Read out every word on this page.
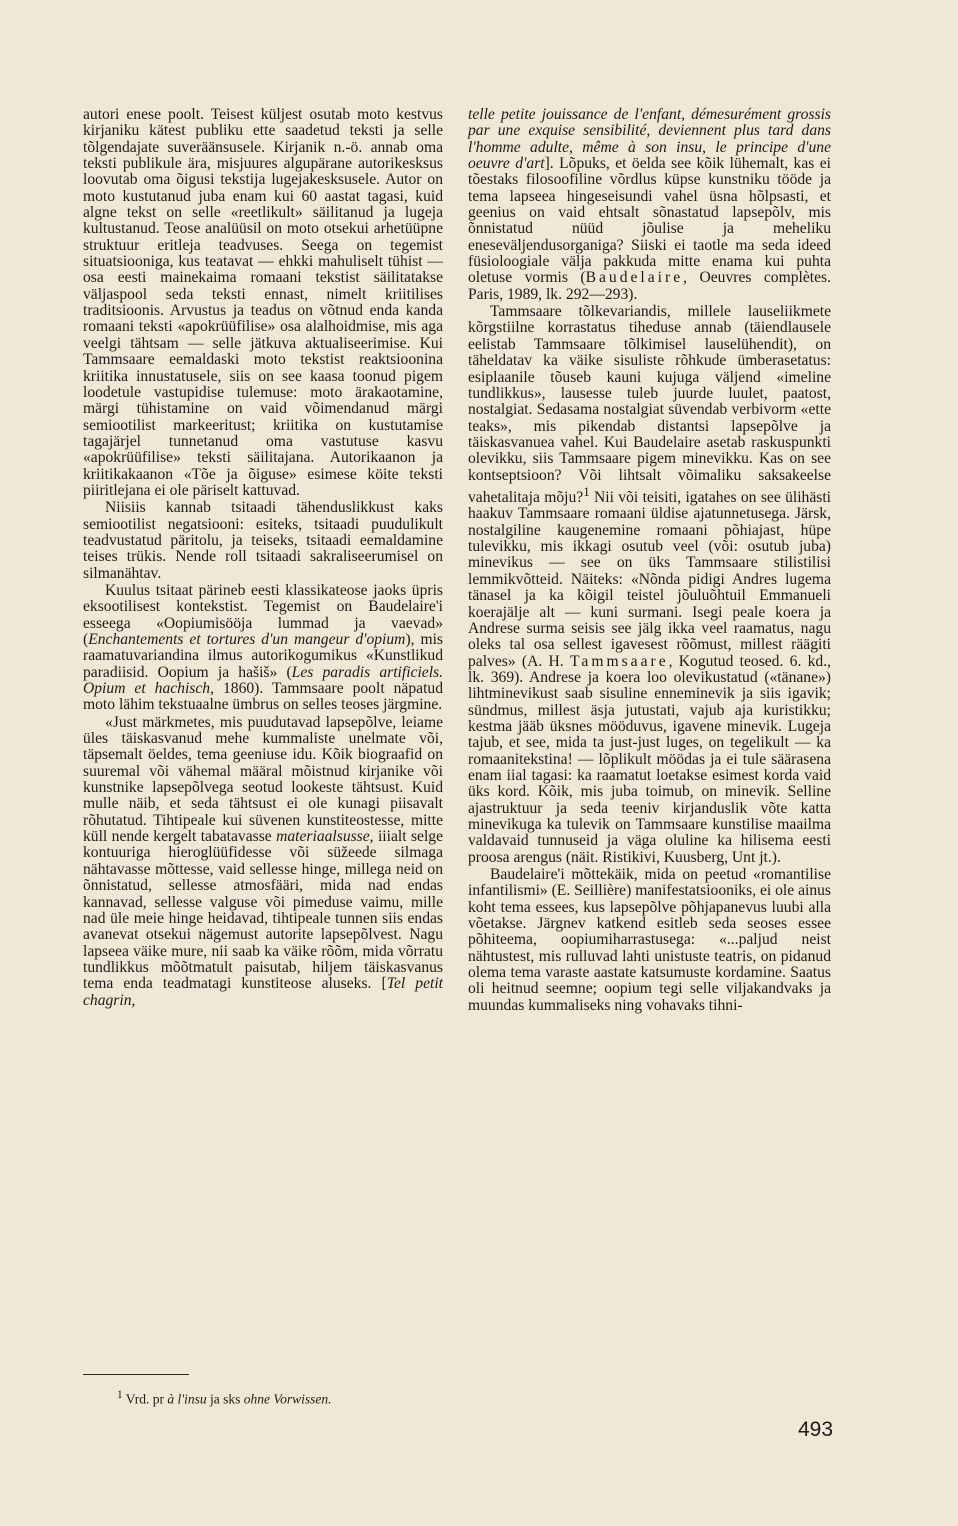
autori enese poolt. Teisest küljest osutab moto kestvus kirjaniku kätest publiku ette saadetud teksti ja selle tõlgendajate suveräänsusele. Kirjanik n.-ö. annab oma teksti publikule ära, misjuures algupärane autorikesksus loovutab oma õigusi tekstija lugejakesksusele. Autor on moto kustutanud juba enam kui 60 aastat tagasi, kuid algne tekst on selle «reetlikult» säilitanud ja lugeja kultustanud. Teose analüüsil on moto otsekui arhetüüpne struktuur eritleja teadvuses. Seega on tegemist situatsiooniga, kus teatavat — ehkki mahuliselt tühist — osa eesti mainekaima romaani tekstist säilitatakse väljaspool seda teksti ennast, nimelt kriitilises traditsioonis. Arvustus ja teadus on võtnud enda kanda romaani teksti «apokrüüfilise» osa alalhoidmise, mis aga veelgi tähtsam — selle jätkuva aktualiseerimise. Kui Tammsaare eemaldaski moto tekstist reaktsioonina kriitika innustatusele, siis on see kaasa toonud pigem loodetule vastupidise tulemuse: moto ärakaotamine, märgi tühistamine on vaid võimendanud märgi semiootilist markeeritust; kriitika on kustutamise tagajärjel tunnetanud oma vastutuse kasvu «apokrüüfilise» teksti säilitajana. Autorikaanon ja kriitikakaanon «Tõe ja õiguse» esimese köite teksti piiritlejana ei ole päriselt kattuvad.

Niisiis kannab tsitaadi tähenduslikkust kaks semiootilist negatsiooni: esiteks, tsitaadi puudulikult teadvustatud päritolu, ja teiseks, tsitaadi eemaldamine teises trükis. Nende roll tsitaadi sakraliseerumisel on silmanähtav.

Kuulus tsitaat pärineb eesti klassikateose jaoks üpris eksootilisest kontekstist. Tegemist on Baudelaire'i esseega «Oopiumisööja lummad ja vaevad» (Enchantements et tortures d'un mangeur d'opium), mis raamatuvariandina ilmus autorikogumikus «Kunstlikud paradiisid. Oopium ja hašiš» (Les paradis artificiels. Opium et hachisch, 1860). Tammsaare poolt näpatud moto lähim tekstuaalne ümbrus on selles teoses järgmine.

«Just märkmetes, mis puudutavad lapsepõlve, leiame üles täiskasvanud mehe kummaliste unelmate või, täpsemalt öeldes, tema geeniuse idu. Kõik biograafid on suuremal või vähemal määral mõistnud kirjanike või kunstnike lapsepõlvega seotud lookeste tähtsust. Kuid mulle näib, et seda tähtsust ei ole kunagi piisavalt rõhutatud. Tihtipeale kui süvenen kunstiteostesse, mitte küll nende kergelt tabatavasse materiaalsusse, iiialt selge kontuuriga hieroglüüfidesse või süžeede silmaga nähtavasse mõttesse, vaid sellesse hinge, millega neid on õnnistatud, sellesse atmosfääri, mida nad endas kannavad, sellesse valguse või pimeduse vaimu, mille nad üle meie hinge heidavad, tihtipeale tunnen siis endas avanevat otsekui nägemust autorite lapsepõlvest. Nagu lapseea väike mure, nii saab ka väike rõõm, mida võrratu tundlikkus mõõtmatult paisutab, hiljem täiskasvanus tema enda teadmatagi kunstiteose aluseks. [Tel petit chagrin,

telle petite jouissance de l'enfant, démesurément grossis par une exquise sensibilité, deviennent plus tard dans l'homme adulte, même à son insu, le principe d'une oeuvre d'art]. Lõpuks, et öelda see kõik lühemalt, kas ei tõestaks filosoofiline võrdlus küpse kunstniku tööde ja tema lapseea hingeseisundi vahel üsna hõlpsasti, et geenius on vaid ehtsalt sõnastatud lapsepõlv, mis õnnistatud nüüd jõulise ja meheliku eneseväljendusorganiga? Siiski ei taotle ma seda ideed füsioloogiale välja pakkuda mitte enama kui puhta oletuse vormis (Baudelaire, Oeuvres complètes. Paris, 1989, lk. 292—293).

Tammsaare tõlkevariandis, millele lauseliikmete kõrgstiilne korrastatus tiheduse annab (täiendlausele eelistab Tammsaare tõlkimisel lauselühendit), on täheldatav ka väike sisuliste rõhkude ümberasetatus: esiplaanile tõuseb kauni kujuga väljend «imeline tundlikkus», lausesse tuleb juurde luulet, paatost, nostalgiat. Sedasama nostalgiat süvendab verbivorm «ette teaks», mis pikendab distantsi lapsepõlve ja täiskasvanuea vahel. Kui Baudelaire asetab raskuspunkti olevikku, siis Tammsaare pigem minevikku. Kas on see kontseptsioon? Või lihtsalt võimaliku saksakeelse vahetalitaja mõju?$^1$ Nii või teisiti, igatahes on see ülihästi haakuv Tammsaare romaani üldise ajatunnetusega. Järsk, nostalgiline kaugenemine romaani põhiajast, hüpe tulevikku, mis ikkagi osutub veel (või: osutub juba) minevikus — see on üks Tammsaare stilistilisi lemmikvõtteid. Näiteks: «Nõnda pidigi Andres lugema tänasel ja ka kõigil teistel jõuluõhtuil Emmanueli koerajälje alt — kuni surmani. Isegi peale koera ja Andrese surma seisis see jälg ikka veel raamatus, nagu oleks tal osa sellest igavesest rõõmust, millest räägiti palves» (A. H. Tammsaare, Kogutud teosed. 6. kd., lk. 369). Andrese ja koera loo olevikustatud («tänane») lihtminevikust saab sisuline enneminevik ja siis igavik; sündmus, millest äsja jutustati, vajub aja kuristikku; kestma jääb üksnes mööduvus, igavene minevik. Lugeja tajub, et see, mida ta just-just luges, on tegelikult — ka romaanitekstina! — lõplikult möödas ja ei tule säärasena enam iial tagasi: ka raamatut loetakse esimest korda vaid üks kord. Kõik, mis juba toimub, on minevik. Selline ajastruktuur ja seda teeniv kirjanduslik võte katta minevikuga ka tulevik on Tammsaare kunstilise maailma valdavaid tunnuseid ja väga oluline ka hilisema eesti proosa arengus (näit. Ristikivi, Kuusberg, Unt jt.).

Baudelaire'i mõttekäik, mida on peetud «romantilise infantilismi» (E. Seillière) manifestatsiooniks, ei ole ainus koht tema essees, kus lapsepõlve põhjapanevus luubi alla võetakse. Järgnev katkend esitleb seda seoses essee põhiteema, oopiumiharrastusega: «...paljud neist nähtustest, mis rulluvad lahti unistuste teatris, on pidanud olema tema varaste aastate katsumuste kordamine. Saatus oli heitnud seemne; oopium tegi selle viljakandvaks ja muundas kummaliseks ning vohavaks tihni-

$^1$ Vrd. pr à l'insu ja sks ohne Vorwissen.
493
